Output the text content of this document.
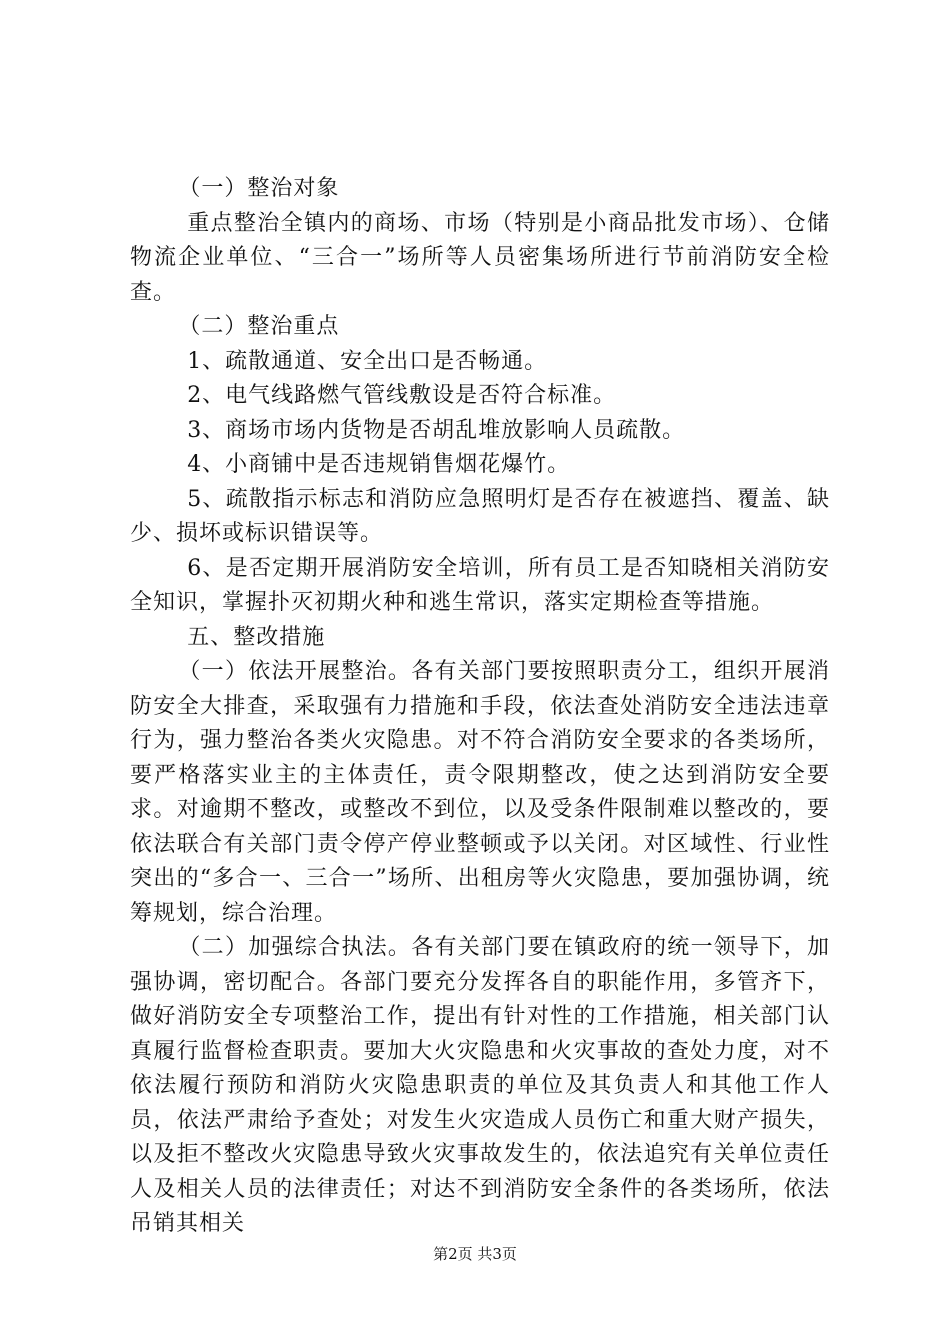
（一）整治对象

重点整治全镇内的商场、市场（特别是小商品批发市场）、仓储物流企业单位、“三合一”场所等人员密集场所进行节前消防安全检查。

（二）整治重点

1、疏散通道、安全出口是否畅通。

2、电气线路燃气管线敷设是否符合标准。

3、商场市场内货物是否胡乱堆放影响人员疏散。

4、小商铺中是否违规销售烟花爆竹。

5、疏散指示标志和消防应急照明灯是否存在被遮挡、覆盖、缺少、损坏或标识错误等。

6、是否定期开展消防安全培训，所有员工是否知晓相关消防安全知识，掌握扑灭初期火种和逃生常识，落实定期检查等措施。

五、整改措施

（一）依法开展整治。各有关部门要按照职责分工，组织开展消防安全大排查，采取强有力措施和手段，依法查处消防安全违法违章行为，强力整治各类火灾隐患。对不符合消防安全要求的各类场所，要严格落实业主的主体责任，责令限期整改，使之达到消防安全要求。对逾期不整改，或整改不到位，以及受条件限制难以整改的，要依法联合有关部门责令停产停业整顿或予以关闭。对区域性、行业性突出的“多合一、三合一”场所、出租房等火灾隐患，要加强协调，统筹规划，综合治理。

（二）加强综合执法。各有关部门要在镇政府的统一领导下，加强协调，密切配合。各部门要充分发挥各自的职能作用，多管齐下，做好消防安全专项整治工作，提出有针对性的工作措施，相关部门认真履行监督检查职责。要加大火灾隐患和火灾事故的查处力度，对不依法履行预防和消防火灾隐患职责的单位及其负责人和其他工作人员，依法严肃给予查处；对发生火灾造成人员伤亡和重大财产损失，以及拒不整改火灾隐患导致火灾事故发生的，依法追究有关单位责任人及相关人员的法律责任；对达不到消防安全条件的各类场所，依法吊销其相关

第2页 共3页
